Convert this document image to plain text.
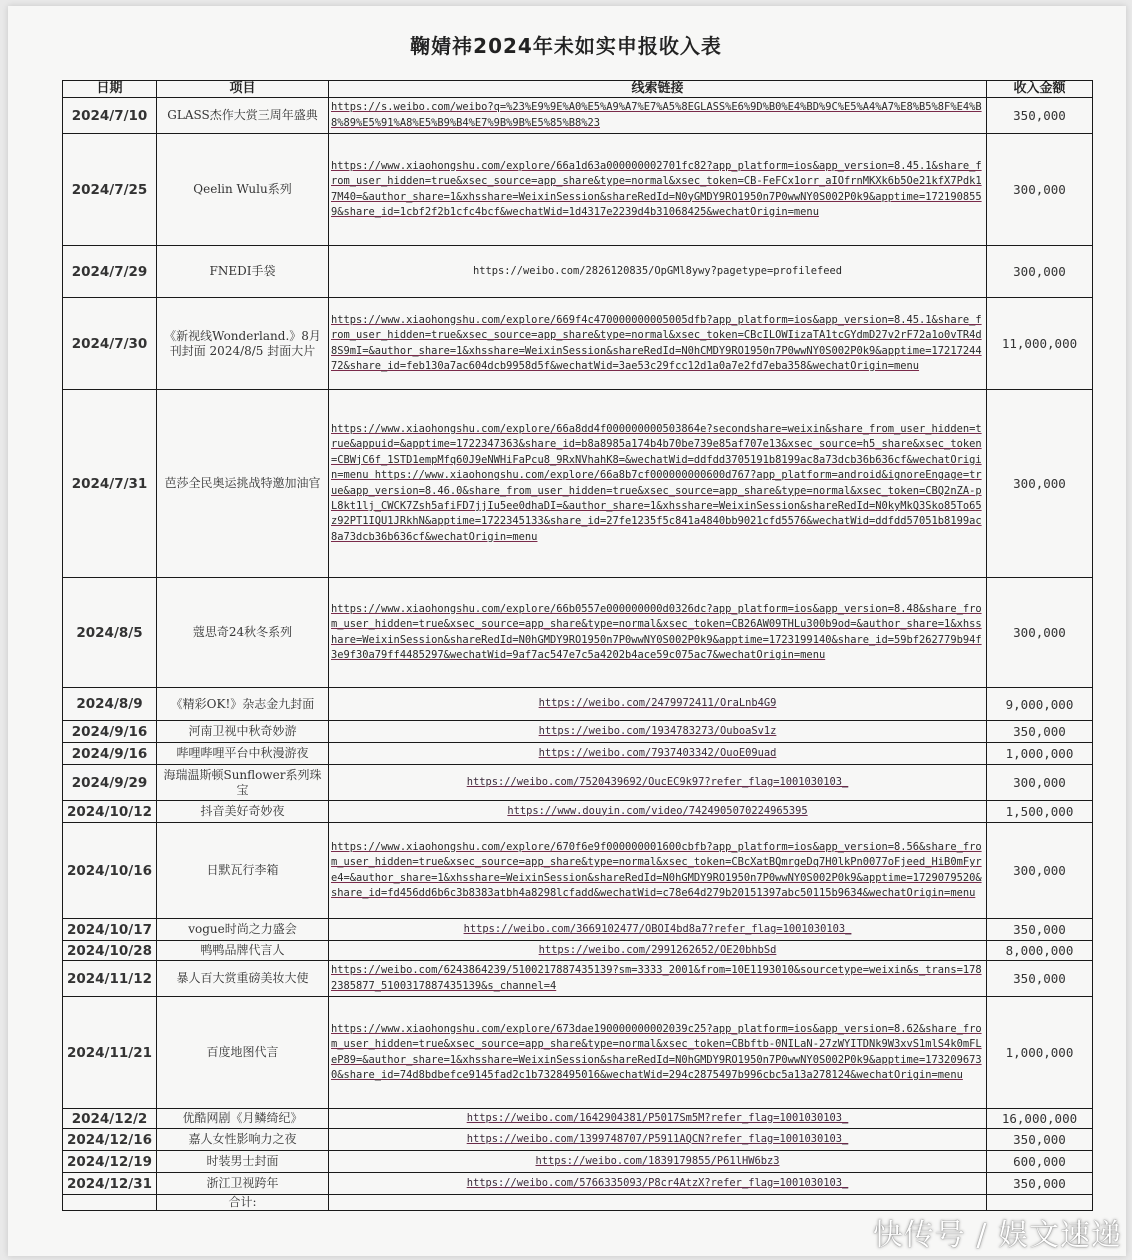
鞠婧祎2024年未如实申报收入表
日期	项目	线索链接	收入金额
2024/7/10	GLASS杰作大赏三周年盛典	https://s.weibo.com/weibo?q=%23%E9%9E%A0%E5%A9%A7%E7%A5%8EGLASS%E6%9D%B0%E4%BD%9C%E5%A4%A7%E8%B5%8F%E4%B8%89%E5%91%A8%E5%B9%B4%E7%9B%9B%E5%85%B8%23	350,000
2024/7/25	Qeelin Wulu系列	https://www.xiaohongshu.com/explore/66a1d63a000000002701fc82?app_platform=ios&app_version=8.45.1&share_from_user_hidden=true&xsec_source=app_share&type=normal&xsec_token=CB-FeFCx1orr_aIOfrnMKXk6b5Oe21kfX7Pdk17M40=&author_share=1&xhsshare=WeixinSession&shareRedId=N0yGMDY9RO1950n7P0wwNY0S002P0k9&apptime=1721908559&share_id=1cbf2f2b1cfc4bcf&wechatWid=1d4317e2239d4b31068425&wechatOrigin=menu	300,000
2024/7/29	FNEDI手袋	https://weibo.com/2826120835/OpGMl8ywy?pagetype=profilefeed	300,000
2024/7/30	《新视线Wonderland.》8月刊封面 2024/8/5 封面大片	https://www.xiaohongshu.com/explore/669f4c470000000005005dfb?app_platform=ios&app_version=8.45.1&share_from_user_hidden=true&xsec_source=app_share&type=normal&xsec_token=CBcILOWIizaTA1tcGYdmD27v2rF72a1o0vTR4d8S9mI=&author_share=1&xhsshare=WeixinSession&shareRedId=N0hCMDY9RO1950n7P0wwNY0S002P0k9&apptime=1721724472&share_id=feb130a7ac604dcb9958d5f&wechatWid=3ae53c29fcc12d1a0a7e2fd7eba358&wechatOrigin=menu	11,000,000
2024/7/31	芭莎全民奥运挑战特邀加油官	https://www.xiaohongshu.com/explore/66a8dd4f000000000503864e?secondshare=weixin&share_from_user_hidden=true&appuid=&apptime=1722347363&share_id=b8a8985a174b4b70be739e85af707e13&xsec_source=h5_share&xsec_token=CBWjC6f_1STD1empMfq60J9eNWHiFaPcu8_9RxNVhahK8=&wechatWid=ddfdd3705191b8199ac8a73dcb36b636cf&wechatOrigin=menu https://www.xiaohongshu.com/explore/66a8b7cf000000000600d767?app_platform=android&ignoreEngage=true&app_version=8.46.0&share_from_user_hidden=true&xsec_source=app_share&type=normal&xsec_token=CBQ2nZA-pL8kt1lj_CWCK7Zsh5afiFD7jjIu5ee0dhaDI=&author_share=1&xhsshare=WeixinSession&shareRedId=N0kyMkQ3Sko85To65z92PT1IQU1JRkhN&apptime=1722345133&share_id=27fe1235f5c841a4840bb9021cfd5576&wechatWid=ddfdd57051b8199ac8a73dcb36b636cf&wechatOrigin=menu	300,000
2024/8/5	蔻思奇24秋冬系列	https://www.xiaohongshu.com/explore/66b0557e000000000d0326dc?app_platform=ios&app_version=8.48&share_from_user_hidden=true&xsec_source=app_share&type=normal&xsec_token=CB26AW09THLu300b9od=&author_share=1&xhsshare=WeixinSession&shareRedId=N0hGMDY9RO1950n7P0wwNY0S002P0k9&apptime=1723199140&share_id=59bf262779b94f3e9f30a79ff4485297&wechatWid=9af7ac547e7c5a4202b4ace59c075ac7&wechatOrigin=menu	300,000
2024/8/9	《精彩OK!》杂志金九封面	https://weibo.com/2479972411/OraLnb4G9	9,000,000
2024/9/16	河南卫视中秋奇妙游	https://weibo.com/1934783273/OuboaSv1z	350,000
2024/9/16	哔哩哔哩平台中秋漫游夜	https://weibo.com/7937403342/OuoE09uad	1,000,000
2024/9/29	海瑞温斯顿Sunflower系列珠宝	https://weibo.com/7520439692/OucEC9k97?refer_flag=1001030103_	300,000
2024/10/12	抖音美好奇妙夜	https://www.douyin.com/video/7424905070224965395	1,500,000
2024/10/16	日默瓦行李箱	https://www.xiaohongshu.com/explore/670f6e9f000000001600cbfb?app_platform=ios&app_version=8.56&share_from_user_hidden=true&xsec_source=app_share&type=normal&xsec_token=CBcXatBQmrgeDq7H0lkPn0077oFjeed_HiB0mFyre4=&author_share=1&xhsshare=WeixinSession&shareRedId=N0hGMDY9RO1950n7P0wwNY0S002P0k9&apptime=1729079520&share_id=fd456dd6b6c3b8383atbh4a8298lcfadd&wechatWid=c78e64d279b20151397abc50115b9634&wechatOrigin=menu	300,000
2024/10/17	vogue时尚之力盛会	https://weibo.com/3669102477/OBOI4bd8a7?refer_flag=1001030103_	350,000
2024/10/28	鸭鸭品牌代言人	https://weibo.com/2991262652/OE20bhbSd	8,000,000
2024/11/12	暴人百大赏重磅美妆大使	https://weibo.com/6243864239/5100217887435139?sm=3333_2001&from=10E1193010&sourcetype=weixin&s_trans=1782385877_5100317887435139&s_channel=4	350,000
2024/11/21	百度地图代言	https://www.xiaohongshu.com/explore/673dae190000000002039c25?app_platform=ios&app_version=8.62&share_from_user_hidden=true&xsec_source=app_share&type=normal&xsec_token=CBbftb-0NILaN-27zWYITDNk9W3xvS1mlS4k0mFLeP89=&author_share=1&xhsshare=WeixinSession&shareRedId=N0hGMDY9RO1950n7P0wwNY0S002P0k9&apptime=1732096730&share_id=74d8bdbefce9145fad2c1b7328495016&wechatWid=294c2875497b996cbc5a13a278124&wechatOrigin=menu	1,000,000
2024/12/2	优酷网剧《月鳞绮纪》	https://weibo.com/1642904381/P5017Sm5M?refer_flag=1001030103_	16,000,000
2024/12/16	嘉人女性影响力之夜	https://weibo.com/1399748707/P5911AQCN?refer_flag=1001030103_	350,000
2024/12/19	时装男士封面	https://weibo.com/1839179855/P61lHW6bz3	600,000
2024/12/31	浙江卫视跨年	https://weibo.com/5766335093/P8cr4AtzX?refer_flag=1001030103_	350,000
	合计:		
快传号 / 娱文速递
